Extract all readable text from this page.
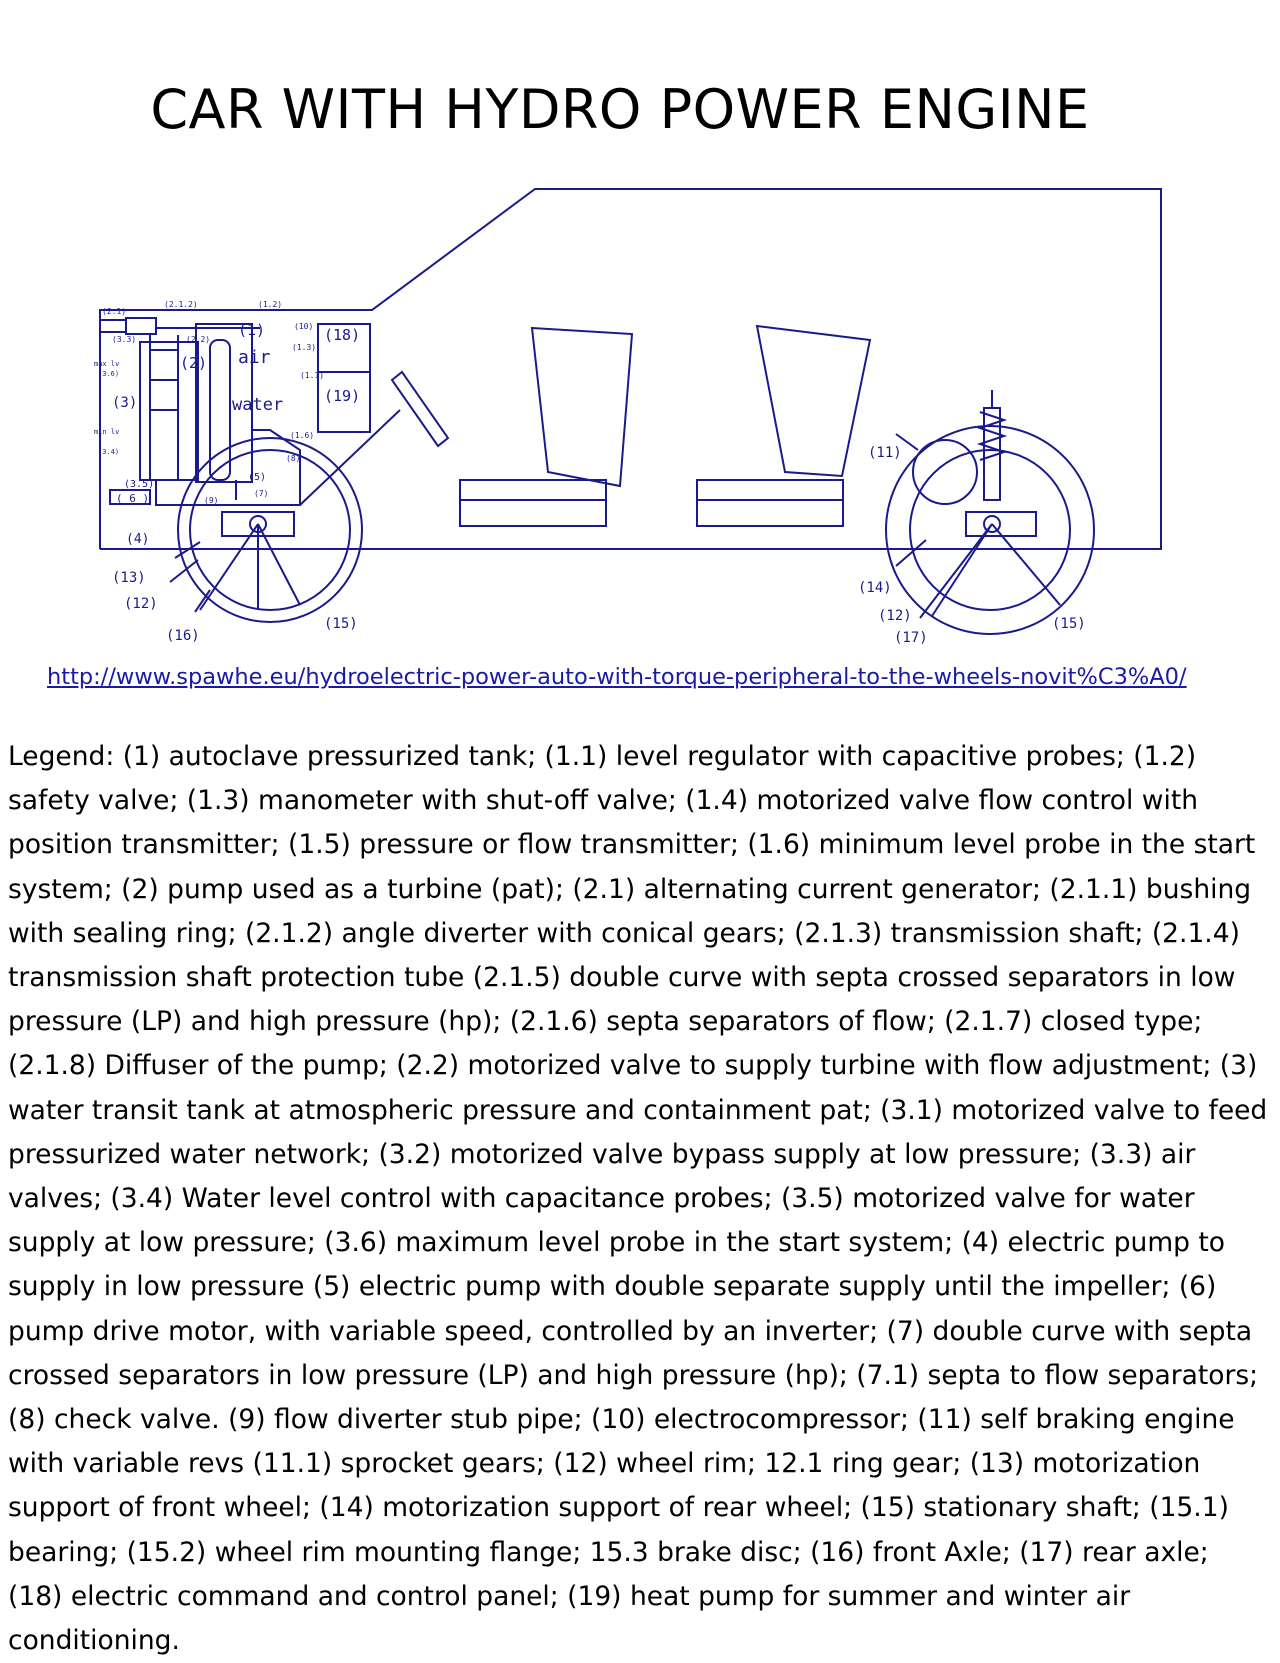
CAR WITH HYDRO POWER ENGINE
(1)
air
water
(18)
(19)
(2)
(3)
(4)
( 6 )
(3.5)
(13)
(12)
(16)
(15)
(11)
(14)
(12)
(17)
(15)
(2.1)
(2.1.2)
(3.3)	(2.2)
(1.2)
(10)
(1.3)
max lv
(3.6)
min lv
(3.4)
(1.6)
(1.1)
(9)
(7)
(5)
(8)
http://www.spawhe.eu/hydroelectric-power-auto-with-torque-peripheral-to-the-wheels-novit%C3%A0/
Legend: (1) autoclave pressurized tank; (1.1) level regulator with capacitive probes; (1.2) safety valve; (1.3) manometer with shut-off valve; (1.4) motorized valve flow control with position transmitter; (1.5) pressure or flow transmitter; (1.6) minimum level probe in the start system; (2) pump used as a turbine (pat); (2.1) alternating current generator; (2.1.1) bushing with sealing ring; (2.1.2) angle diverter with conical gears; (2.1.3) transmission shaft; (2.1.4) transmission shaft protection tube (2.1.5) double curve with septa crossed separators in low pressure (LP) and high pressure (hp); (2.1.6) septa separators of flow; (2.1.7) closed type; (2.1.8) Diffuser of the pump; (2.2) motorized valve to supply turbine with flow adjustment; (3) water transit tank at atmospheric pressure and containment pat; (3.1) motorized valve to feed pressurized water network; (3.2) motorized valve bypass supply at low pressure; (3.3) air valves; (3.4) Water level control with capacitance probes; (3.5) motorized valve for water supply at low pressure; (3.6) maximum level probe in the start system; (4) electric pump to supply in low pressure (5) electric pump with double separate supply until the impeller; (6) pump drive motor, with variable speed, controlled by an inverter; (7) double curve with septa crossed separators in low pressure (LP) and high pressure (hp); (7.1) septa to flow separators; (8) check valve. (9) flow diverter stub pipe; (10) electrocompressor; (11) self braking engine with variable revs (11.1) sprocket gears; (12) wheel rim; 12.1 ring gear; (13) motorization support of front wheel; (14) motorization support of rear wheel; (15) stationary shaft; (15.1) bearing; (15.2) wheel rim mounting flange; 15.3 brake disc; (16) front Axle; (17) rear axle; (18) electric command and control panel; (19) heat pump for summer and winter air conditioning.
